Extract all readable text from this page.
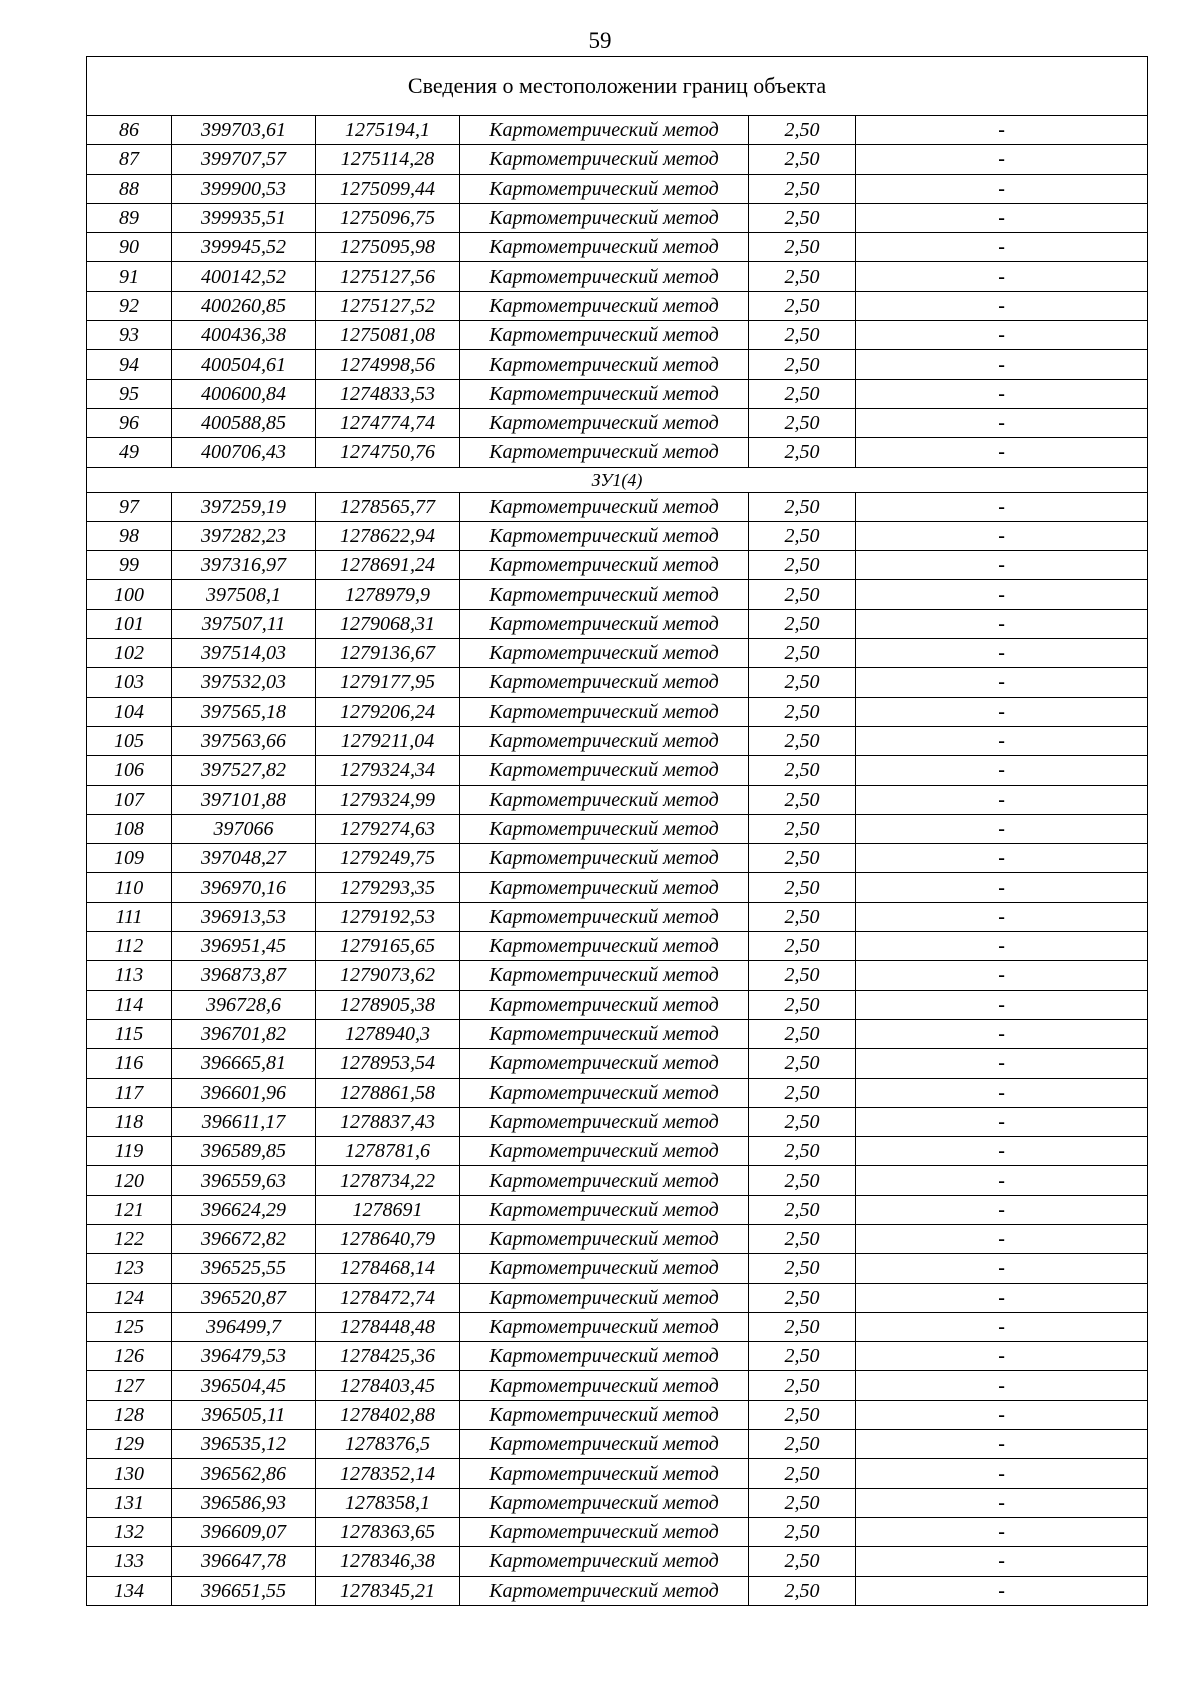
59
Сведения о местоположении границ объекта					
86	399703,61	1275194,1	Картометрический метод	2,50	-
87	399707,57	1275114,28	Картометрический метод	2,50	-
88	399900,53	1275099,44	Картометрический метод	2,50	-
89	399935,51	1275096,75	Картометрический метод	2,50	-
90	399945,52	1275095,98	Картометрический метод	2,50	-
91	400142,52	1275127,56	Картометрический метод	2,50	-
92	400260,85	1275127,52	Картометрический метод	2,50	-
93	400436,38	1275081,08	Картометрический метод	2,50	-
94	400504,61	1274998,56	Картометрический метод	2,50	-
95	400600,84	1274833,53	Картометрический метод	2,50	-
96	400588,85	1274774,74	Картометрический метод	2,50	-
49	400706,43	1274750,76	Картометрический метод	2,50	-
ЗУ1(4)					
97	397259,19	1278565,77	Картометрический метод	2,50	-
98	397282,23	1278622,94	Картометрический метод	2,50	-
99	397316,97	1278691,24	Картометрический метод	2,50	-
100	397508,1	1278979,9	Картометрический метод	2,50	-
101	397507,11	1279068,31	Картометрический метод	2,50	-
102	397514,03	1279136,67	Картометрический метод	2,50	-
103	397532,03	1279177,95	Картометрический метод	2,50	-
104	397565,18	1279206,24	Картометрический метод	2,50	-
105	397563,66	1279211,04	Картометрический метод	2,50	-
106	397527,82	1279324,34	Картометрический метод	2,50	-
107	397101,88	1279324,99	Картометрический метод	2,50	-
108	397066	1279274,63	Картометрический метод	2,50	-
109	397048,27	1279249,75	Картометрический метод	2,50	-
110	396970,16	1279293,35	Картометрический метод	2,50	-
111	396913,53	1279192,53	Картометрический метод	2,50	-
112	396951,45	1279165,65	Картометрический метод	2,50	-
113	396873,87	1279073,62	Картометрический метод	2,50	-
114	396728,6	1278905,38	Картометрический метод	2,50	-
115	396701,82	1278940,3	Картометрический метод	2,50	-
116	396665,81	1278953,54	Картометрический метод	2,50	-
117	396601,96	1278861,58	Картометрический метод	2,50	-
118	396611,17	1278837,43	Картометрический метод	2,50	-
119	396589,85	1278781,6	Картометрический метод	2,50	-
120	396559,63	1278734,22	Картометрический метод	2,50	-
121	396624,29	1278691	Картометрический метод	2,50	-
122	396672,82	1278640,79	Картометрический метод	2,50	-
123	396525,55	1278468,14	Картометрический метод	2,50	-
124	396520,87	1278472,74	Картометрический метод	2,50	-
125	396499,7	1278448,48	Картометрический метод	2,50	-
126	396479,53	1278425,36	Картометрический метод	2,50	-
127	396504,45	1278403,45	Картометрический метод	2,50	-
128	396505,11	1278402,88	Картометрический метод	2,50	-
129	396535,12	1278376,5	Картометрический метод	2,50	-
130	396562,86	1278352,14	Картометрический метод	2,50	-
131	396586,93	1278358,1	Картометрический метод	2,50	-
132	396609,07	1278363,65	Картометрический метод	2,50	-
133	396647,78	1278346,38	Картометрический метод	2,50	-
134	396651,55	1278345,21	Картометрический метод	2,50	-
